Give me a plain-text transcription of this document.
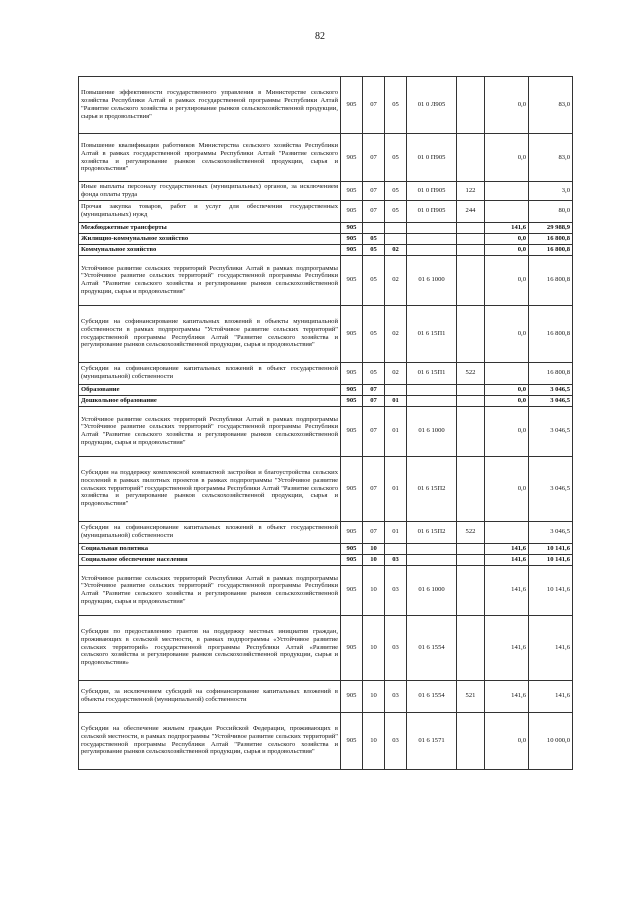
82
Повышение эффективности государственного управления в Министерстве сельского хозяйства Республики Алтай в рамках государственной программы Республики Алтай "Развитие сельского хозяйства и регулирование рынков сельскохозяйственной продукции, сырья и продовольствия"	905	07	05	01 0 Л905		0,0	83,0
Повышение квалификации работников Министерства сельского хозяйства Республики Алтай в рамках государственной программы Республики Алтай "Развитие сельского хозяйства и регулирование рынков сельскохозяйственной продукции, сырья и продовольствия"	905	07	05	01 0 П905		0,0	83,0
Иные выплаты персоналу государственных (муниципальных) органов, за исключением фонда оплаты труда	905	07	05	01 0 П905	122		3,0
Прочая закупка товаров, работ и услуг для обеспечения государственных (муниципальных) нужд	905	07	05	01 0 П905	244		80,0
Межбюджетные трансферты	905					141,6	29 988,9
Жилищно-коммунальное хозяйство	905	05				0,0	16 800,8
Коммунальное хозяйство	905	05	02			0,0	16 800,8
Устойчивое развитие сельских территорий Республики Алтай в рамках подпрограммы "Устойчивое развитие сельских территорий" государственной программы Республики Алтай "Развитие сельского хозяйства и регулирование рынков сельскохозяйственной продукции, сырья и продовольствия"	905	05	02	01 6 1000		0,0	16 800,8
Субсидии на софинансирование капитальных вложений в объекты муниципальной собственности в рамках подпрограммы "Устойчивое развитие сельских территорий" государственной программы Республики Алтай "Развитие сельского хозяйства и регулирование рынков сельскохозяйственной продукции, сырья и продовольствия"	905	05	02	01 6 15П1		0,0	16 800,8
Субсидии на софинансирование капитальных вложений в объект государственной (муниципальной) собственности	905	05	02	01 6 15П1	522		16 800,8
Образование	905	07				0,0	3 046,5
Дошкольное образование	905	07	01			0,0	3 046,5
Устойчивое развитие сельских территорий Республики Алтай в рамках подпрограммы "Устойчивое развитие сельских территорий" государственной программы Республики Алтай "Развитие сельского хозяйства и регулирование рынков сельскохозяйственной продукции, сырья и продовольствия"	905	07	01	01 6 1000		0,0	3 046,5
Субсидии на поддержку комплексной компактной застройки и благоустройства сельских поселений в рамках пилотных проектов в рамках подпрограммы "Устойчивое развитие сельских территорий" государственной программы Республики Алтай "Развитие сельского хозяйства и регулирование рынков сельскохозяйственной продукции, сырья и продовольствия"	905	07	01	01 6 15П2		0,0	3 046,5
Субсидии на софинансирование капитальных вложений в объект государственной (муниципальной) собственности	905	07	01	01 6 15П2	522		3 046,5
Социальная политика	905	10				141,6	10 141,6
Социальное обеспечение населения	905	10	03			141,6	10 141,6
Устойчивое развитие сельских территорий Республики Алтай в рамках подпрограммы "Устойчивое развитие сельских территорий" государственной программы Республики Алтай "Развитие сельского хозяйства и регулирование рынков сельскохозяйственной продукции, сырья и продовольствия"	905	10	03	01 6 1000		141,6	10 141,6
Субсидии по предоставлению грантов на поддержку местных инициатив граждан, проживающих в сельской местности, в рамках подпрограммы «Устойчивое развитие сельских территорий» государственной программы Республики Алтай «Развитие сельского хозяйства и регулирование рынков сельскохозяйственной продукции, сырья и продовольствия»	905	10	03	01 6 1554		141,6	141,6
Субсидии, за исключением субсидий на софинансирование капитальных вложений в объекты государственной (муниципальной) собственности	905	10	03	01 6 1554	521	141,6	141,6
Субсидии на обеспечение жильем граждан Российской Федерации, проживающих в сельской местности, в рамках подпрограммы "Устойчивое развитие сельских территорий" государственной программы Республики Алтай "Развитие сельского хозяйства и регулирование рынков сельскохозяйственной продукции, сырья и продовольствия"	905	10	03	01 6 1571		0,0	10 000,0
